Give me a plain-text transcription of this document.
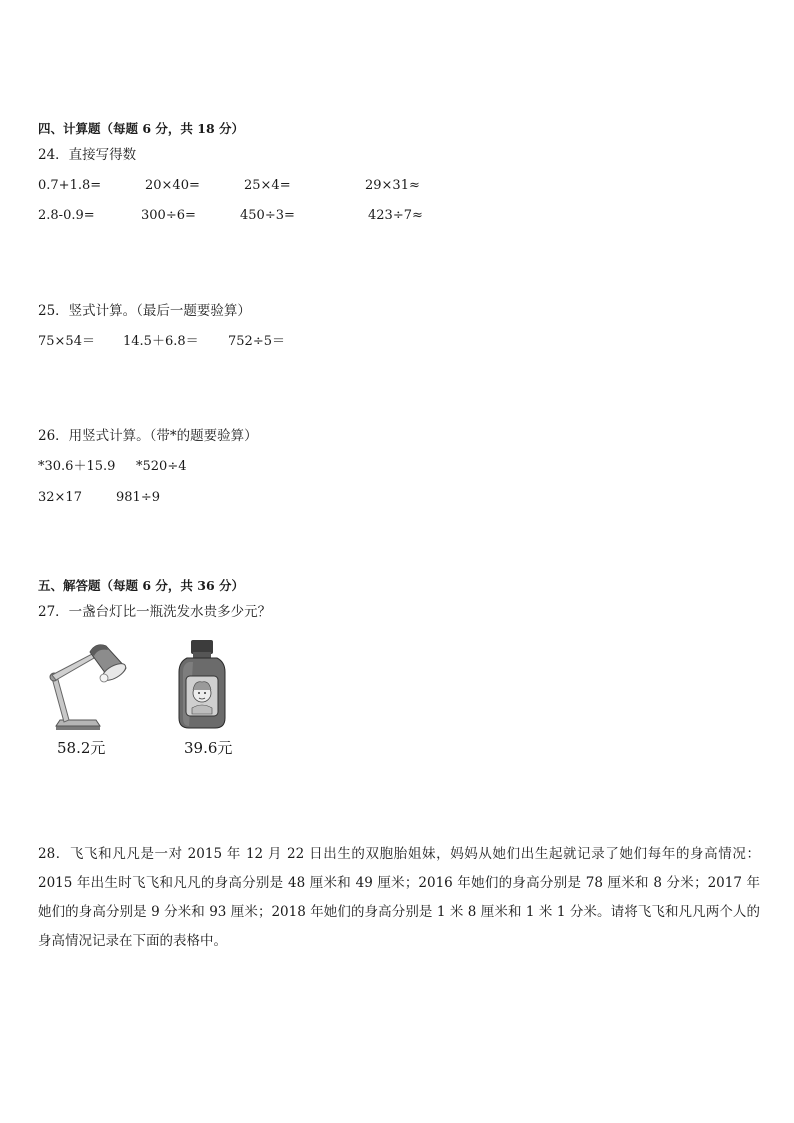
四、计算题（每题 6 分，共 18 分）
24．直接写得数
0.7+1.8=	20×40=	25×4=	29×31≈
2.8-0.9=	300÷6=	450÷3=	423÷7≈
25．竖式计算。（最后一题要验算）
75×54＝ 14.5＋6.8＝ 752÷5＝
26．用竖式计算。（带*的题要验算）
*30.6＋15.9 *520÷4
32×17	981÷9
五、解答题（每题 6 分，共 36 分）
27．一盏台灯比一瓶洗发水贵多少元？
58.2元	39.6元
28．飞飞和凡凡是一对 2015 年 12 月 22 日出生的双胞胎姐妹，妈妈从她们出生起就记录了她们每年的身高情况：2015 年出生时飞飞和凡凡的身高分别是 48 厘米和 49 厘米；2016 年她们的身高分别是 78 厘米和 8 分米；2017 年她们的身高分别是 9 分米和 93 厘米；2018 年她们的身高分别是 1 米 8 厘米和 1 米 1 分米。请将飞飞和凡凡两个人的身高情况记录在下面的表格中。
